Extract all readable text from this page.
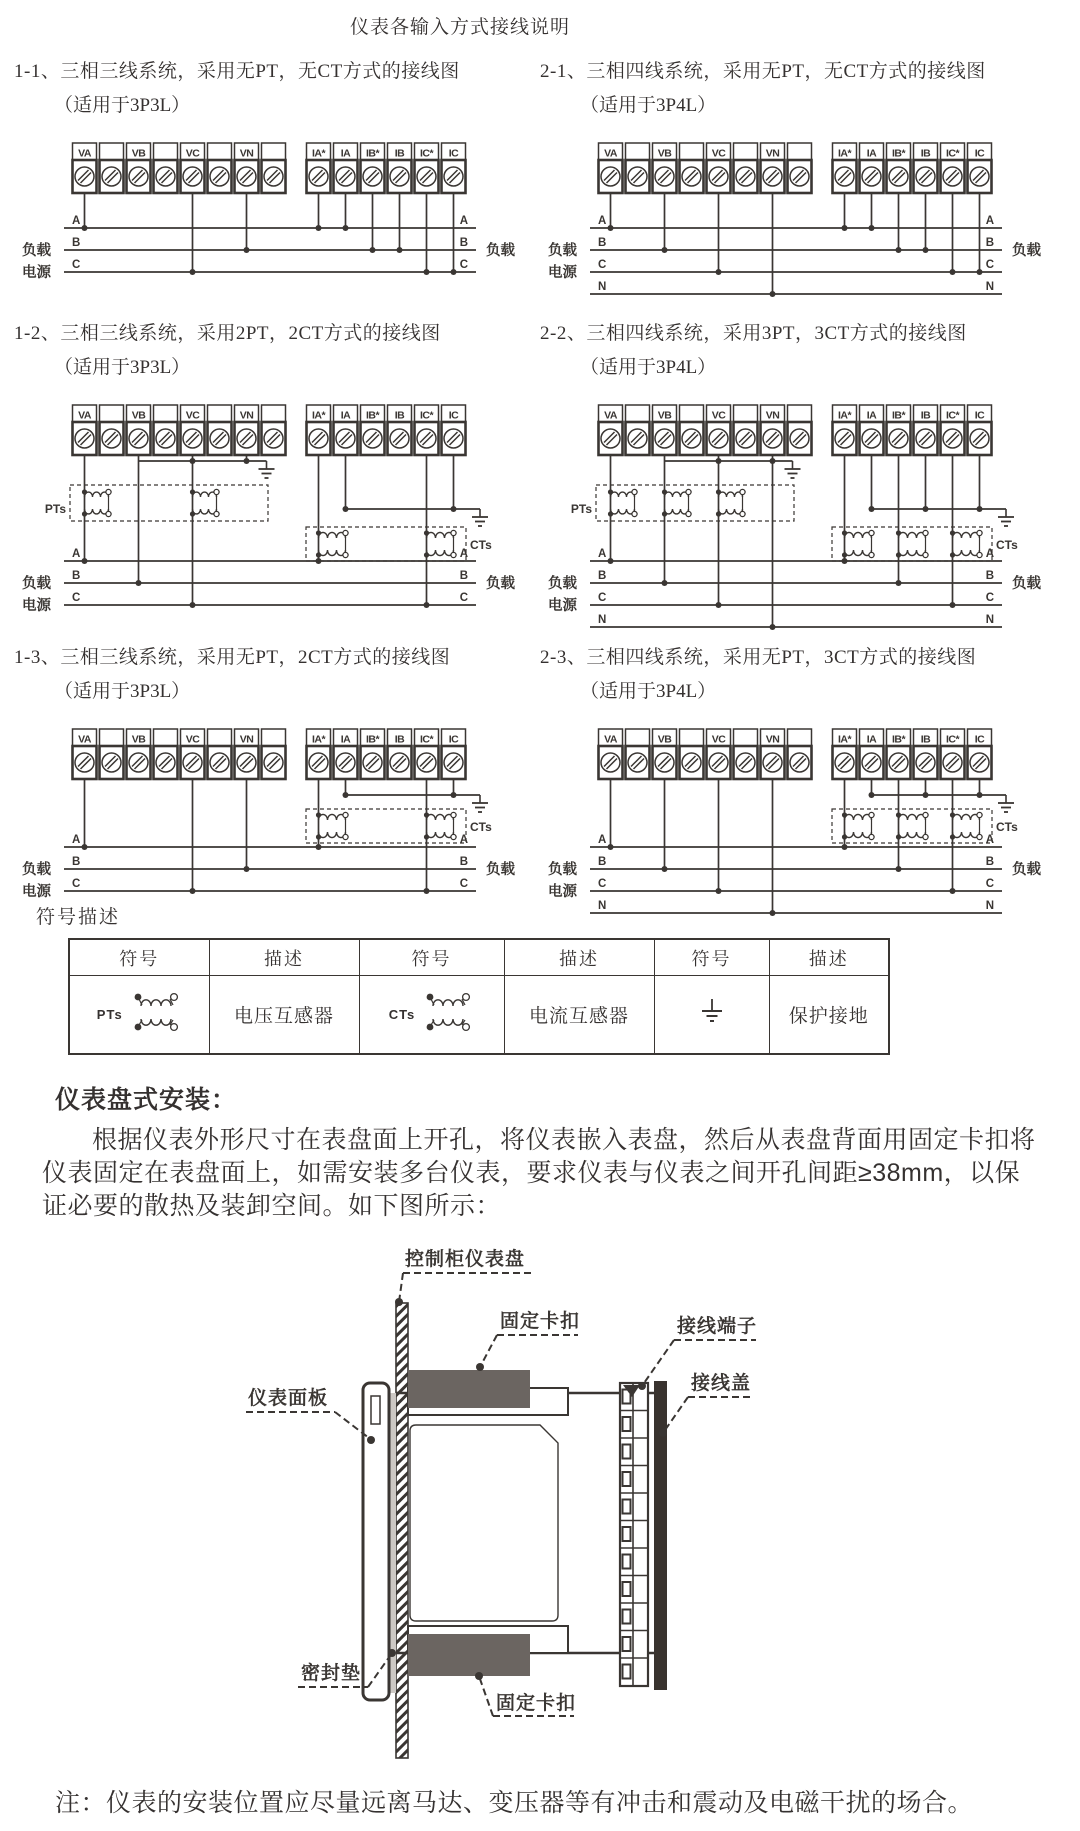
仪表各输入方式接线说明
1-1、三相三线系统，采用无PT，无CT方式的接线图
（适用于3P3L）
VA	VB	VC	VN	IA* IA IB* IB IC* IC
A	A
B	B
C	C
负载
电源
负载
2-1、三相四线系统，采用无PT，无CT方式的接线图
（适用于3P4L）
VA	VB	VC	VN	IA* IA IB* IB IC* IC
A	A
B	B
C	C
N	N
负载
电源
负载
1-2、三相三线系统，采用2PT，2CT方式的接线图
（适用于3P3L）
VA	VB	VC	VN	IA* IA IB* IB IC* IC
A	A
B	B
C	C
负载
电源
负载
PTs
CTs
2-2、三相四线系统，采用3PT，3CT方式的接线图
（适用于3P4L）
VA	VB	VC	VN	IA* IA IB* IB IC* IC
A	A
B	B
C	C
N	N
负载
电源
负载
PTs
CTs
1-3、三相三线系统，采用无PT，2CT方式的接线图
（适用于3P3L）
VA	VB	VC	VN	IA* IA IB* IB IC* IC
A	A
B	B
C	C
负载
电源
负载
CTs
2-3、三相四线系统，采用无PT，3CT方式的接线图
（适用于3P4L）
VA	VB	VC	VN	IA* IA IB* IB IC* IC
A	A
B	B
C	C
N	N
负载
电源
负载
CTs
符号描述
符号	描述	符号	描述	符号	描述

PTs	电压互感器	CTs	电流互感器		保护接地
仪表盘式安装：
根据仪表外形尺寸在表盘面上开孔，将仪表嵌入表盘，然后从表盘背面用固定卡扣将仪表固定在表盘面上，如需安装多台仪表，要求仪表与仪表之间开孔间距≥38mm，以保证必要的散热及装卸空间。如下图所示：
控制柜仪表盘
固定卡扣	接线端子
接线盖
仪表面板
密封垫
固定卡扣
注：仪表的安装位置应尽量远离马达、变压器等有冲击和震动及电磁干扰的场合。
